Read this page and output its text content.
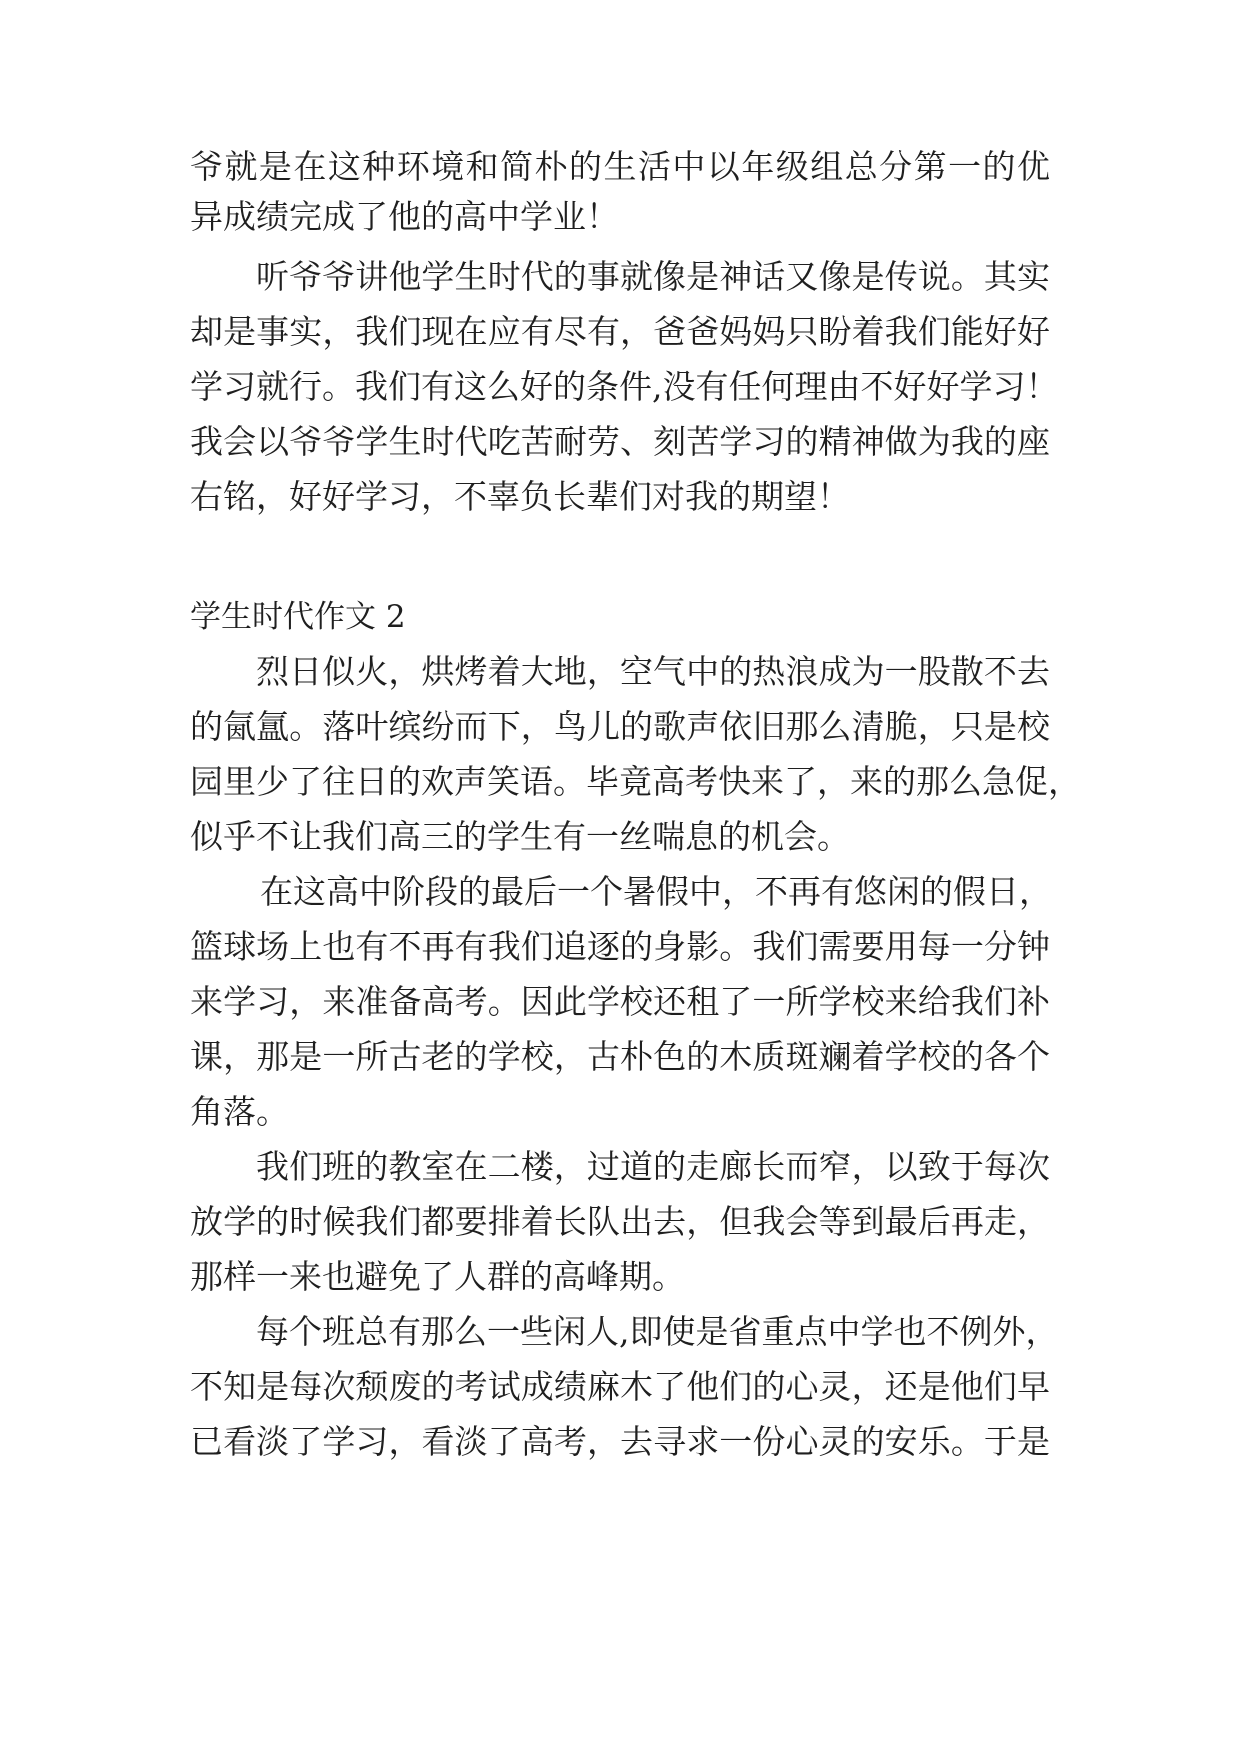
爷就是在这种环境和简朴的生活中以年级组总分第一的优
异成绩完成了他的高中学业！
听爷爷讲他学生时代的事就像是神话又像是传说。其实
却是事实，我们现在应有尽有，爸爸妈妈只盼着我们能好好
学习就行。我们有这么好的条件,没有任何理由不好好学习！
我会以爷爷学生时代吃苦耐劳、刻苦学习的精神做为我的座
右铭，好好学习，不辜负长辈们对我的期望！
学生时代作文 2
烈日似火，烘烤着大地，空气中的热浪成为一股散不去
的氤氲。落叶缤纷而下，鸟儿的歌声依旧那么清脆，只是校
园里少了往日的欢声笑语。毕竟高考快来了，来的那么急促，
似乎不让我们高三的学生有一丝喘息的机会。
在这高中阶段的最后一个暑假中，不再有悠闲的假日，
篮球场上也有不再有我们追逐的身影。我们需要用每一分钟
来学习，来准备高考。因此学校还租了一所学校来给我们补
课，那是一所古老的学校，古朴色的木质斑斓着学校的各个
角落。
我们班的教室在二楼，过道的走廊长而窄，以致于每次
放学的时候我们都要排着长队出去，但我会等到最后再走，
那样一来也避免了人群的高峰期。
每个班总有那么一些闲人,即使是省重点中学也不例外，
不知是每次颓废的考试成绩麻木了他们的心灵，还是他们早
已看淡了学习，看淡了高考，去寻求一份心灵的安乐。于是
